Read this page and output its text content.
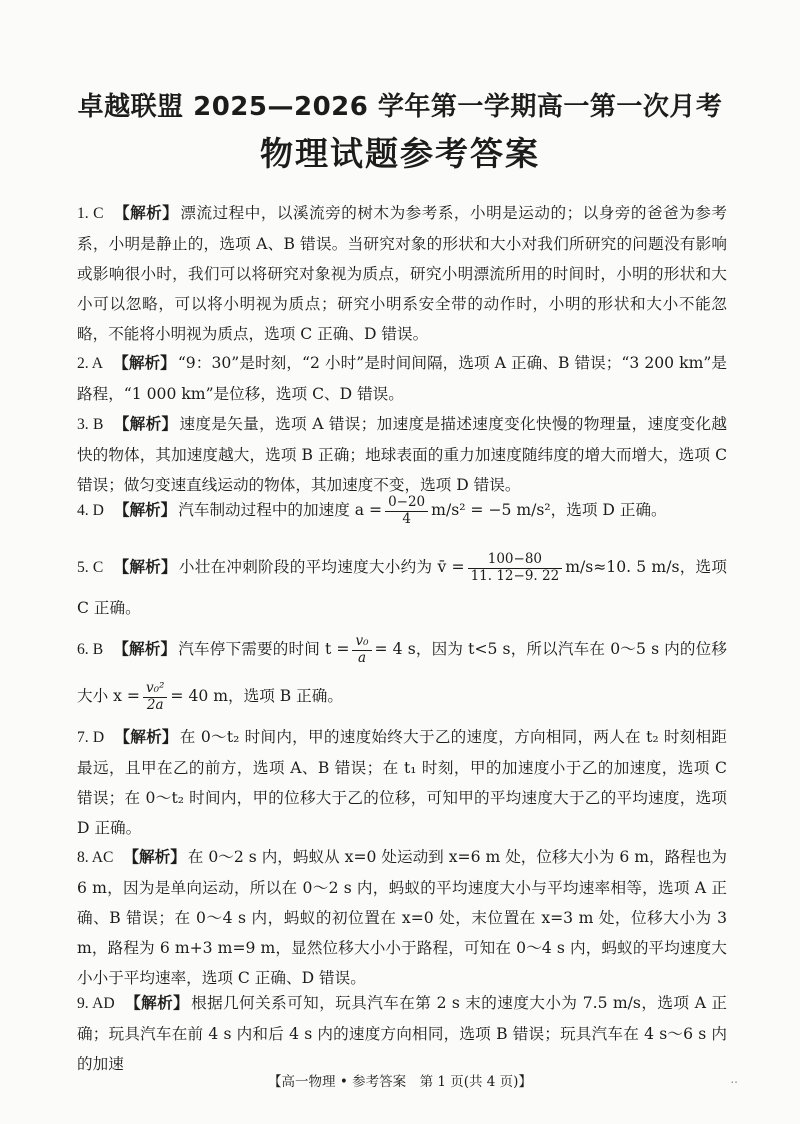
卓越联盟 2025—2026 学年第一学期高一第一次月考
物理试题参考答案
1. C 【解析】 漂流过程中，以溪流旁的树木为参考系，小明是运动的；以身旁的爸爸为参考系，小明是静止的，选项 A、B 错误。当研究对象的形状和大小对我们所研究的问题没有影响或影响很小时，我们可以将研究对象视为质点，研究小明漂流所用的时间时，小明的形状和大小可以忽略，可以将小明视为质点；研究小明系安全带的动作时，小明的形状和大小不能忽略，不能将小明视为质点，选项 C 正确、D 错误。
2. A 【解析】 “9：30”是时刻，“2 小时”是时间间隔，选项 A 正确、B 错误；“3 200 km”是路程，“1 000 km”是位移，选项 C、D 错误。
3. B 【解析】 速度是矢量，选项 A 错误；加速度是描述速度变化快慢的物理量，速度变化越快的物体，其加速度越大，选项 B 正确；地球表面的重力加速度随纬度的增大而增大，选项 C 错误；做匀变速直线运动的物体，其加速度不变，选项 D 错误。
4. D 【解析】 汽车制动过程中的加速度 $a = \frac{0-20}{4} m/s^2 = -5$ m/s²，选项 D 正确。
5. C 【解析】 小壮在冲刺阶段的平均速度大小约为 v̄ = $\frac{100-80}{11. 12-9. 22} m/s\approx 10$. 5 m/s，选项 C 正确。
6. B 【解析】 汽车停下需要的时间 $t = \frac{\text{v₀}}{a} = 4$ s，因为 t<5 s，所以汽车在 0～5 s 内的位移大小 $x = \frac{\text{v₀²}}{2a} = 40$ m，选项 B 正确。
7. D 【解析】 在 0～t₂ 时间内，甲的速度始终大于乙的速度，方向相同，两人在 t₂ 时刻相距最远，且甲在乙的前方，选项 A、B 错误；在 t₁ 时刻，甲的加速度小于乙的加速度，选项 C 错误；在 0～t₂ 时间内，甲的位移大于乙的位移，可知甲的平均速度大于乙的平均速度，选项 D 正确。
8. AC 【解析】 在 0～2 s 内，蚂蚁从 x=0 处运动到 x=6 m 处，位移大小为 6 m，路程也为 6 m，因为是单向运动，所以在 0～2 s 内，蚂蚁的平均速度大小与平均速率相等，选项 A 正确、B 错误；在 0～4 s 内，蚂蚁的初位置在 x=0 处，末位置在 x=3 m 处，位移大小为 3 m，路程为 6 m+3 m=9 m，显然位移大小小于路程，可知在 0～4 s 内，蚂蚁的平均速度大小小于平均速率，选项 C 正确、D 错误。
9. AD 【解析】 根据几何关系可知，玩具汽车在第 2 s 末的速度大小为 7.5 m/s，选项 A 正确；玩具汽车在前 4 s 内和后 4 s 内的速度方向相同，选项 B 错误；玩具汽车在 4 s～6 s 内的加速
【高一物理 • 参考答案　第 1 页(共 4 页)】	..
